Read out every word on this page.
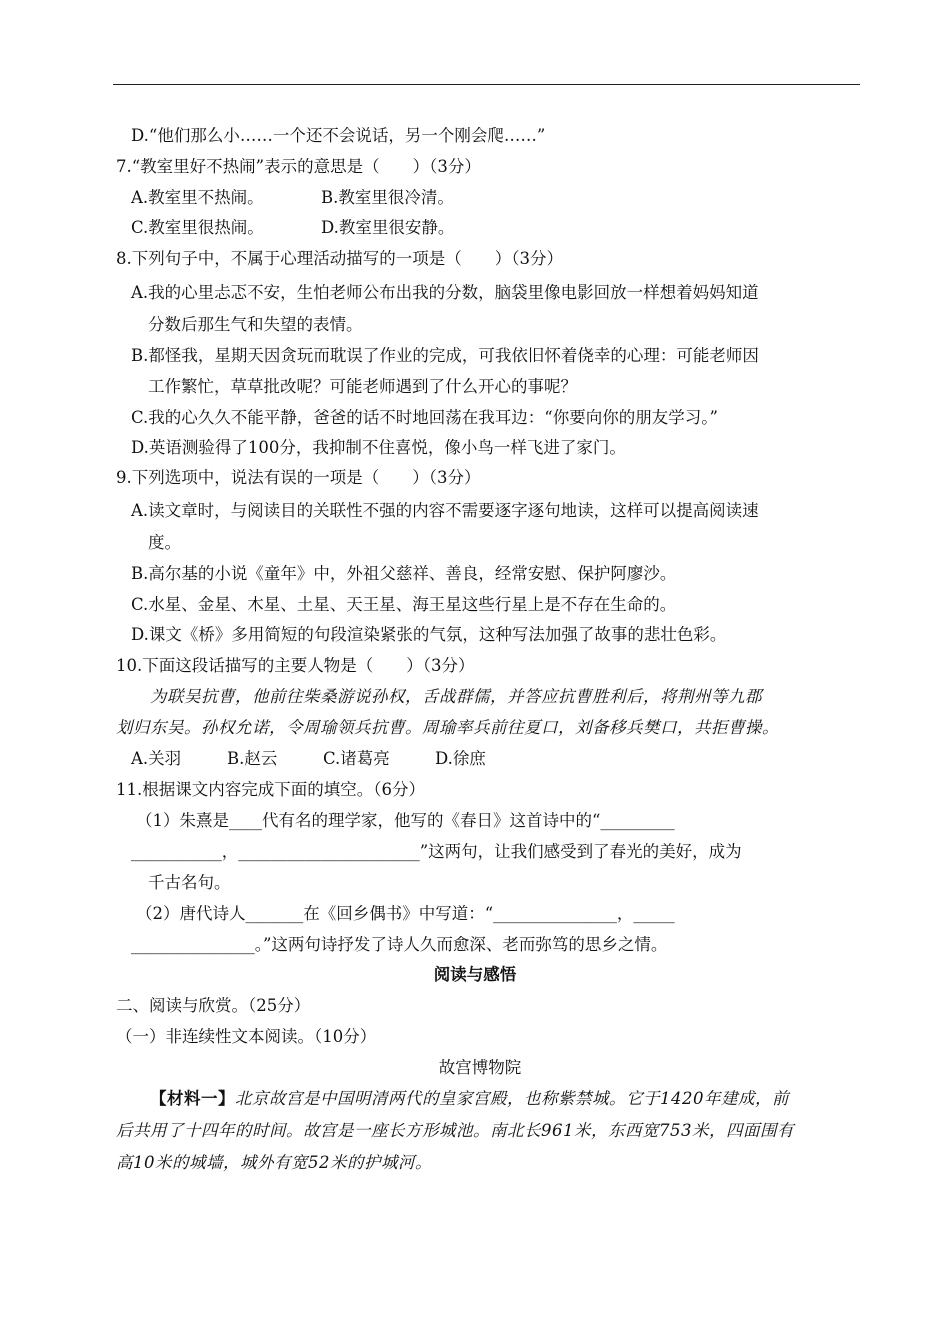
D.“他们那么小……一个还不会说话，另一个刚会爬……”
7.“教室里好不热闹”表示的意思是（　　）（3分）
A.教室里不热闹。	B.教室里很冷清。
C.教室里很热闹。	D.教室里很安静。
8.下列句子中，不属于心理活动描写的一项是（　　）（3分）
A.我的心里忐忑不安，生怕老师公布出我的分数，脑袋里像电影回放一样想着妈妈知道
分数后那生气和失望的表情。
B.都怪我，星期天因贪玩而耽误了作业的完成，可我依旧怀着侥幸的心理：可能老师因
工作繁忙，草草批改呢？可能老师遇到了什么开心的事呢？
C.我的心久久不能平静，爸爸的话不时地回荡在我耳边：“你要向你的朋友学习。”
D.英语测验得了100分，我抑制不住喜悦，像小鸟一样飞进了家门。
9.下列选项中，说法有误的一项是（　　）（3分）
A.读文章时，与阅读目的关联性不强的内容不需要逐字逐句地读，这样可以提高阅读速
度。
B.高尔基的小说《童年》中，外祖父慈祥、善良，经常安慰、保护阿廖沙。
C.水星、金星、木星、土星、天王星、海王星这些行星上是不存在生命的。
D.课文《桥》多用简短的句段渲染紧张的气氛，这种写法加强了故事的悲壮色彩。
10.下面这段话描写的主要人物是（　　）（3分）
为联吴抗曹，他前往柴桑游说孙权，舌战群儒，并答应抗曹胜利后，将荆州等九郡
划归东吴。孙权允诺，令周瑜领兵抗曹。周瑜率兵前往夏口，刘备移兵樊口，共拒曹操。
A.关羽	B.赵云	C.诸葛亮	D.徐庶
11.根据课文内容完成下面的填空。（6分）
（1）朱熹是____代有名的理学家，他写的《春日》这首诗中的“_________
___________，______________________”这两句，让我们感受到了春光的美好，成为
千古名句。
（2）唐代诗人_______在《回乡偶书》中写道：“_______________，_____
_______________。”这两句诗抒发了诗人久而愈深、老而弥笃的思乡之情。
阅读与感悟
二、阅读与欣赏。（25分）
（一）非连续性文本阅读。（10分）
故宫博物院
【材料一】北京故宫是中国明清两代的皇家宫殿，也称紫禁城。它于1420年建成，前
后共用了十四年的时间。故宫是一座长方形城池。南北长961米，东西宽753米，四面围有
高10米的城墙，城外有宽52米的护城河。
